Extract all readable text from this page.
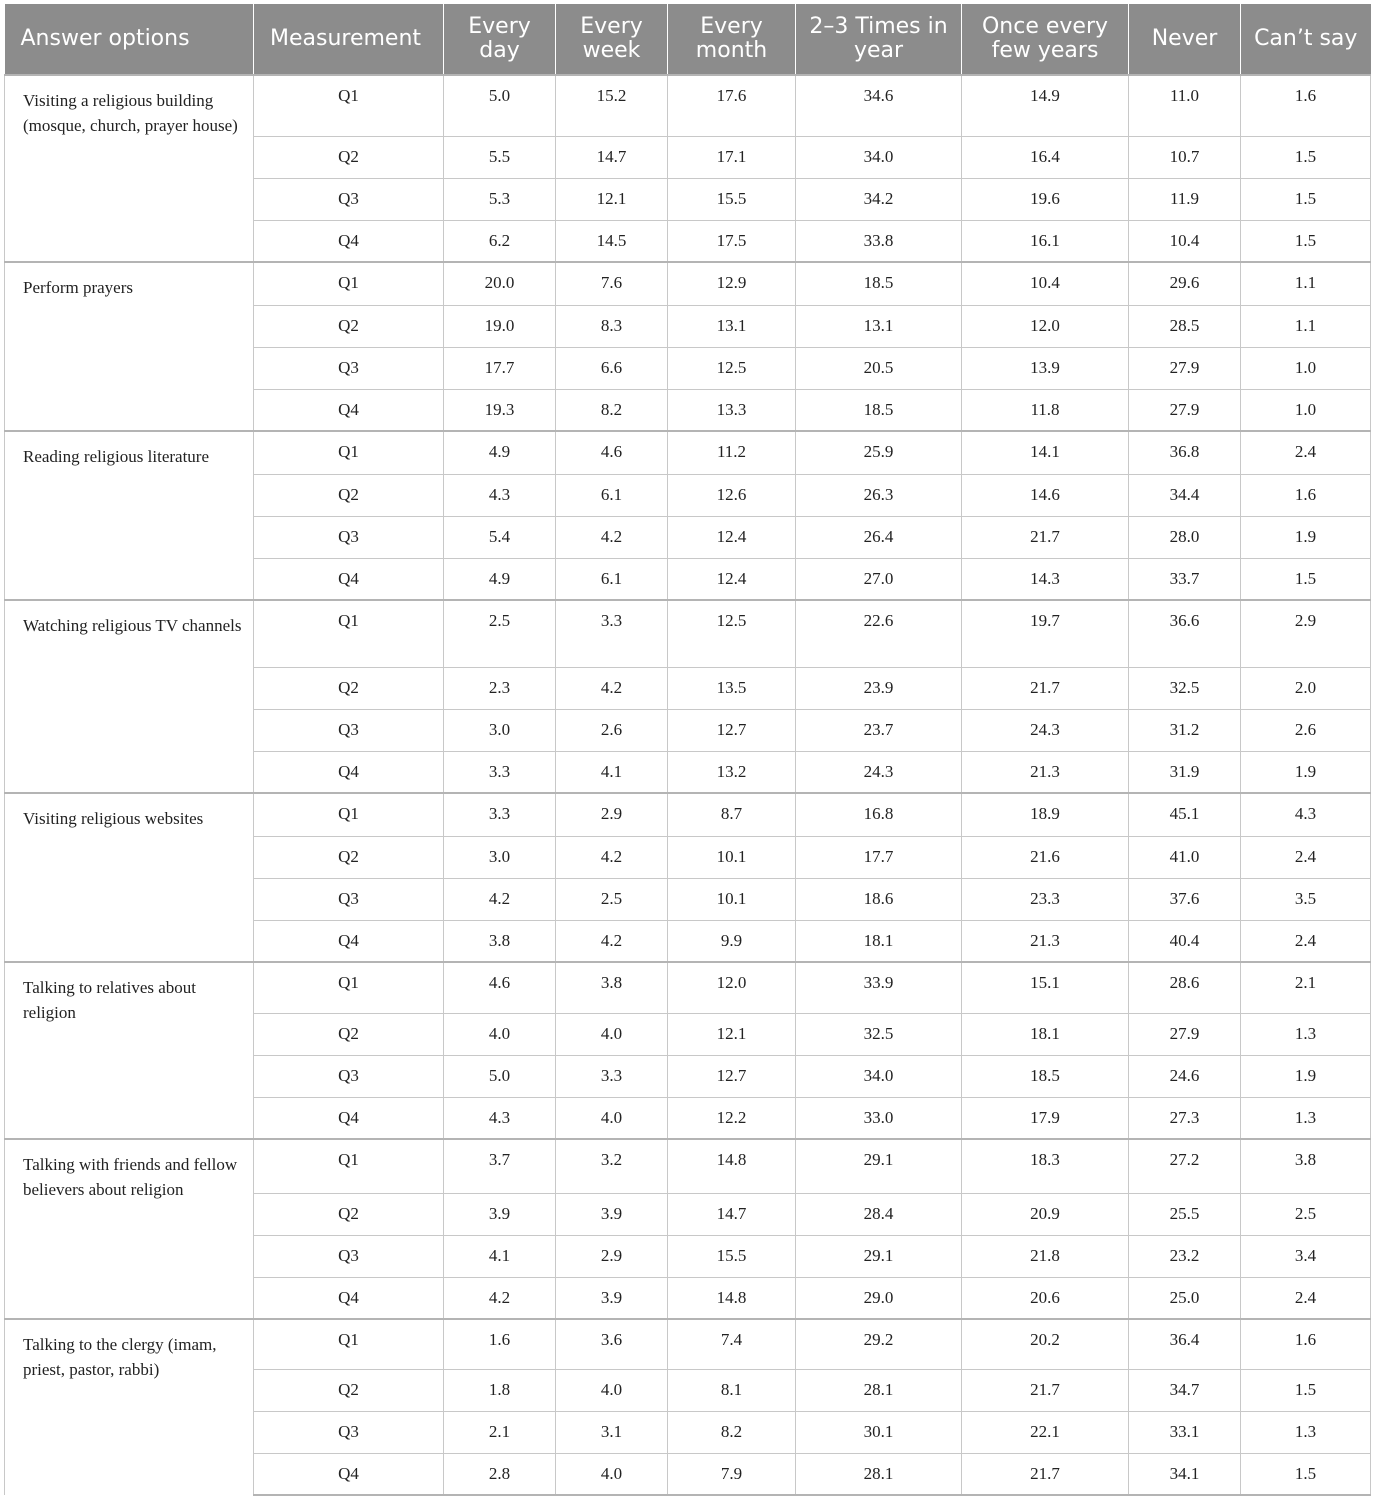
Answer options	Measurement	Every day	Every week	Every month	2–3 Times in year	Once every few years	Never	Can’t say
Visiting a religious building (mosque, church, prayer house)	Q1	5.0	15.2	17.6	34.6	14.9	11.0	1.6
	Q2	5.5	14.7	17.1	34.0	16.4	10.7	1.5
	Q3	5.3	12.1	15.5	34.2	19.6	11.9	1.5
	Q4	6.2	14.5	17.5	33.8	16.1	10.4	1.5
Perform prayers	Q1	20.0	7.6	12.9	18.5	10.4	29.6	1.1
	Q2	19.0	8.3	13.1	13.1	12.0	28.5	1.1
	Q3	17.7	6.6	12.5	20.5	13.9	27.9	1.0
	Q4	19.3	8.2	13.3	18.5	11.8	27.9	1.0
Reading religious literature	Q1	4.9	4.6	11.2	25.9	14.1	36.8	2.4
	Q2	4.3	6.1	12.6	26.3	14.6	34.4	1.6
	Q3	5.4	4.2	12.4	26.4	21.7	28.0	1.9
	Q4	4.9	6.1	12.4	27.0	14.3	33.7	1.5
Watching religious TV channels	Q1	2.5	3.3	12.5	22.6	19.7	36.6	2.9
	Q2	2.3	4.2	13.5	23.9	21.7	32.5	2.0
	Q3	3.0	2.6	12.7	23.7	24.3	31.2	2.6
	Q4	3.3	4.1	13.2	24.3	21.3	31.9	1.9
Visiting religious websites	Q1	3.3	2.9	8.7	16.8	18.9	45.1	4.3
	Q2	3.0	4.2	10.1	17.7	21.6	41.0	2.4
	Q3	4.2	2.5	10.1	18.6	23.3	37.6	3.5
	Q4	3.8	4.2	9.9	18.1	21.3	40.4	2.4
Talking to relatives about religion	Q1	4.6	3.8	12.0	33.9	15.1	28.6	2.1
	Q2	4.0	4.0	12.1	32.5	18.1	27.9	1.3
	Q3	5.0	3.3	12.7	34.0	18.5	24.6	1.9
	Q4	4.3	4.0	12.2	33.0	17.9	27.3	1.3
Talking with friends and fellow believers about religion	Q1	3.7	3.2	14.8	29.1	18.3	27.2	3.8
	Q2	3.9	3.9	14.7	28.4	20.9	25.5	2.5
	Q3	4.1	2.9	15.5	29.1	21.8	23.2	3.4
	Q4	4.2	3.9	14.8	29.0	20.6	25.0	2.4
Talking to the clergy (imam, priest, pastor, rabbi)	Q1	1.6	3.6	7.4	29.2	20.2	36.4	1.6
	Q2	1.8	4.0	8.1	28.1	21.7	34.7	1.5
	Q3	2.1	3.1	8.2	30.1	22.1	33.1	1.3
	Q4	2.8	4.0	7.9	28.1	21.7	34.1	1.5
